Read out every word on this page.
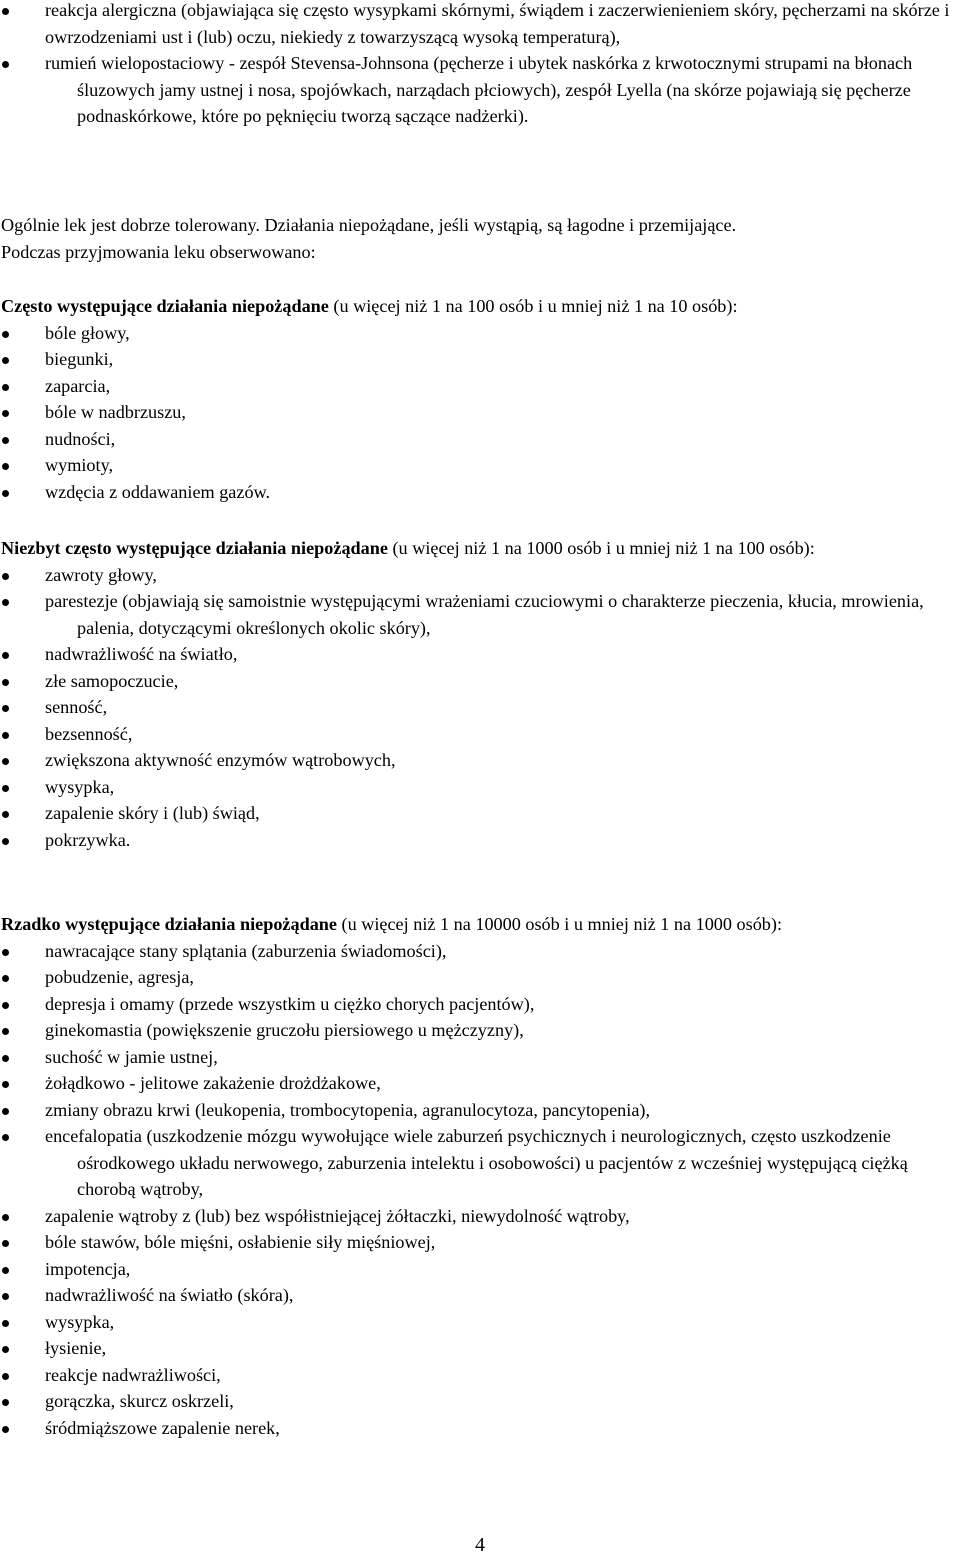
reakcja alergiczna (objawiająca się często wysypkami skórnymi, świądem i zaczerwienieniem skóry, pęcherzami na skórze i owrzodzeniami ust i (lub) oczu, niekiedy z towarzyszącą wysoką temperaturą),
rumień wielopostaciowy - zespół Stevensa-Johnsona (pęcherze i ubytek naskórka z krwotocznymi strupami na błonach śluzowych jamy ustnej i nosa, spojówkach, narządach płciowych), zespół Lyella (na skórze pojawiają się pęcherze podnaskórkowe, które po pęknięciu tworzą sączące nadżerki).

Ogólnie lek jest dobrze tolerowany. Działania niepożądane, jeśli wystąpią, są łagodne i przemijające.

Podczas przyjmowania leku obserwowano:

Często występujące działania niepożądane (u więcej niż 1 na 100 osób i u mniej niż 1 na 10 osób):

bóle głowy,
biegunki,
zaparcia,
bóle w nadbrzuszu,
nudności,
wymioty,
wzdęcia z oddawaniem gazów.

Niezbyt często występujące działania niepożądane (u więcej niż 1 na 1000 osób i u mniej niż 1 na 100 osób):

zawroty głowy,
parestezje (objawiają się samoistnie występującymi wrażeniami czuciowymi o charakterze pieczenia, kłucia, mrowienia, palenia, dotyczącymi określonych okolic skóry),
nadwrażliwość na światło,
złe samopoczucie,
senność,
bezsenność,
zwiększona aktywność enzymów wątrobowych,
wysypka,
zapalenie skóry i (lub) świąd,
pokrzywka.

Rzadko występujące działania niepożądane (u więcej niż 1 na 10000 osób i u mniej niż 1 na 1000 osób):

nawracające stany splątania (zaburzenia świadomości),
pobudzenie, agresja,
depresja i omamy (przede wszystkim u ciężko chorych pacjentów),
ginekomastia (powiększenie gruczołu piersiowego u mężczyzny),
suchość w jamie ustnej,
żołądkowo - jelitowe zakażenie drożdżakowe,
zmiany obrazu krwi (leukopenia, trombocytopenia, agranulocytoza, pancytopenia),
encefalopatia (uszkodzenie mózgu wywołujące wiele zaburzeń psychicznych i neurologicznych, często uszkodzenie ośrodkowego układu nerwowego, zaburzenia intelektu i osobowości) u pacjentów z wcześniej występującą ciężką chorobą wątroby,
zapalenie wątroby z (lub) bez współistniejącej żółtaczki, niewydolność wątroby,
bóle stawów, bóle mięśni, osłabienie siły mięśniowej,
impotencja,
nadwrażliwość na światło (skóra),
wysypka,
łysienie,
reakcje nadwrażliwości,
gorączka, skurcz oskrzeli,
śródmiąższowe zapalenie nerek,
4
